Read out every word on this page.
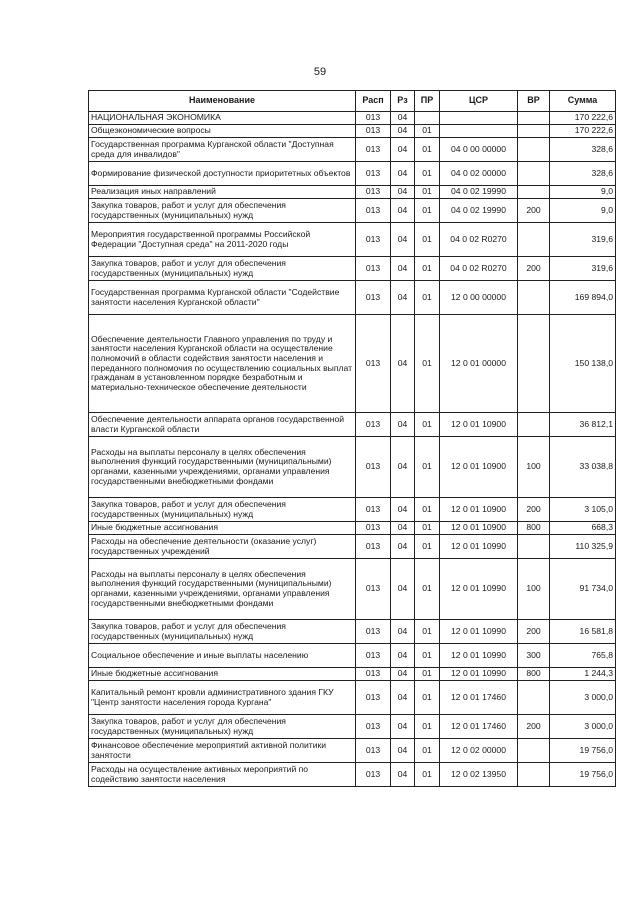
59
Наименование	Расп	Рз	ПР	ЦСР	ВР	Сумма
НАЦИОНАЛЬНАЯ ЭКОНОМИКА	013	04				170 222,6
Общеэкономические вопросы	013	04	01			170 222,6
Государственная программа Курганской области "Доступная среда для инвалидов"	013	04	01	04 0 00 00000		328,6
Формирование физической доступности приоритетных объектов	013	04	01	04 0 02 00000		328,6
Реализация иных направлений	013	04	01	04 0 02 19990		9,0
Закупка товаров, работ и услуг для обеспечения государственных (муниципальных) нужд	013	04	01	04 0 02 19990	200	9,0
Мероприятия государственной программы Российской Федерации "Доступная среда" на 2011-2020 годы	013	04	01	04 0 02 R0270		319,6
Закупка товаров, работ и услуг для обеспечения государственных (муниципальных) нужд	013	04	01	04 0 02 R0270	200	319,6
Государственная программа Курганской области "Содействие занятости населения Курганской области"	013	04	01	12 0 00 00000		169 894,0
Обеспечение деятельности Главного управления по труду и занятости населения Курганской области на осуществление полномочий в области содействия занятости населения и переданного полномочия по осуществлению социальных выплат гражданам в установленном порядке безработным и материально-техническое обеспечение деятельности	013	04	01	12 0 01 00000		150 138,0
Обеспечение деятельности аппарата органов государственной власти Курганской области	013	04	01	12 0 01 10900		36 812,1
Расходы на выплаты персоналу в целях обеспечения выполнения функций государственными (муниципальными) органами, казенными учреждениями, органами управления государственными внебюджетными фондами	013	04	01	12 0 01 10900	100	33 038,8
Закупка товаров, работ и услуг для обеспечения государственных (муниципальных) нужд	013	04	01	12 0 01 10900	200	3 105,0
Иные бюджетные ассигнования	013	04	01	12 0 01 10900	800	668,3
Расходы на обеспечение деятельности (оказание услуг) государственных учреждений	013	04	01	12 0 01 10990		110 325,9
Расходы на выплаты персоналу в целях обеспечения выполнения функций государственными (муниципальными) органами, казенными учреждениями, органами управления государственными внебюджетными фондами	013	04	01	12 0 01 10990	100	91 734,0
Закупка товаров, работ и услуг для обеспечения государственных (муниципальных) нужд	013	04	01	12 0 01 10990	200	16 581,8
Социальное обеспечение и иные выплаты населению	013	04	01	12 0 01 10990	300	765,8
Иные бюджетные ассигнования	013	04	01	12 0 01 10990	800	1 244,3
Капитальный ремонт кровли административного здания ГКУ "Центр занятости населения города Кургана"	013	04	01	12 0 01 17460		3 000,0
Закупка товаров, работ и услуг для обеспечения государственных (муниципальных) нужд	013	04	01	12 0 01 17460	200	3 000,0
Финансовое обеспечение мероприятий активной политики занятости	013	04	01	12 0 02 00000		19 756,0
Расходы на осуществление активных мероприятий по содействию занятости населения	013	04	01	12 0 02 13950		19 756,0
